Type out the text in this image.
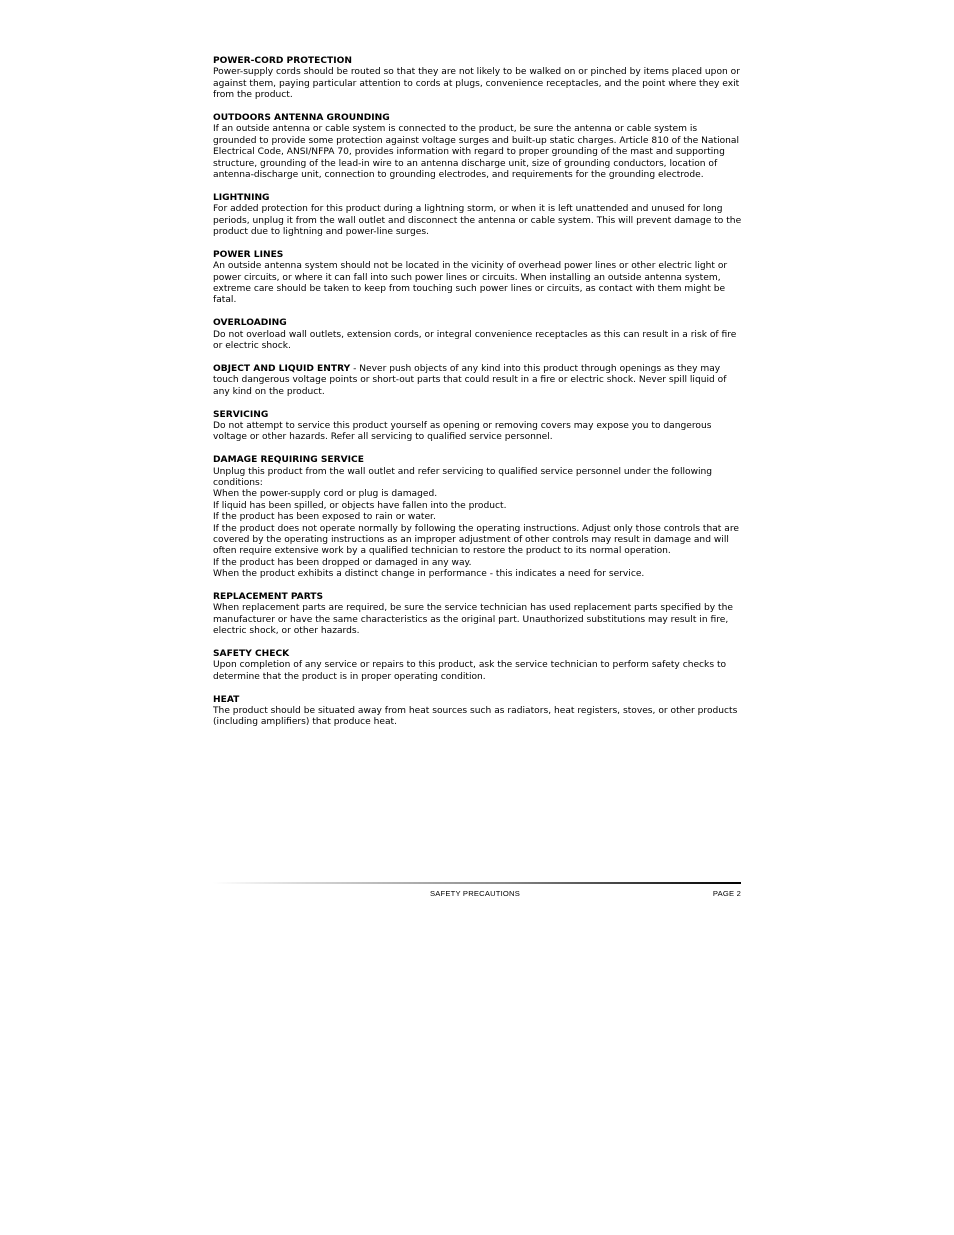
POWER-CORD PROTECTION
Power-supply cords should be routed so that they are not likely to be walked on or pinched by items placed upon or against them, paying particular attention to cords at plugs, convenience receptacles, and the point where they exit from the product.
OUTDOORS ANTENNA GROUNDING
If an outside antenna or cable system is connected to the product, be sure the antenna or cable system is grounded to provide some protection against voltage surges and built-up static charges. Article 810 of the National Electrical Code, ANSI/NFPA 70, provides information with regard to proper grounding of the mast and supporting structure, grounding of the lead-in wire to an antenna discharge unit, size of grounding conductors, location of antenna-discharge unit, connection to grounding electrodes, and requirements for the grounding electrode.
LIGHTNING
For added protection for this product during a lightning storm, or when it is left unattended and unused for long periods, unplug it from the wall outlet and disconnect the antenna or cable system. This will prevent damage to the product due to lightning and power-line surges.
POWER LINES
An outside antenna system should not be located in the vicinity of overhead power lines or other electric light or power circuits, or where it can fall into such power lines or circuits. When installing an outside antenna system, extreme care should be taken to keep from touching such power lines or circuits, as contact with them might be fatal.
OVERLOADING
Do not overload wall outlets, extension cords, or integral convenience receptacles as this can result in a risk of fire or electric shock.
OBJECT AND LIQUID ENTRY - Never push objects of any kind into this product through openings as they may touch dangerous voltage points or short-out parts that could result in a fire or electric shock. Never spill liquid of any kind on the product.
SERVICING
Do not attempt to service this product yourself as opening or removing covers may expose you to dangerous voltage or other hazards. Refer all servicing to qualified service personnel.
DAMAGE REQUIRING SERVICE
Unplug this product from the wall outlet and refer servicing to qualified service personnel under the following conditions:
When the power-supply cord or plug is damaged.
If liquid has been spilled, or objects have fallen into the product.
If the product has been exposed to rain or water.
If the product does not operate normally by following the operating instructions. Adjust only those controls that are covered by the operating instructions as an improper adjustment of other controls may result in damage and will often require extensive work by a qualified technician to restore the product to its normal operation.
If the product has been dropped or damaged in any way.
When the product exhibits a distinct change in performance - this indicates a need for service.
REPLACEMENT PARTS
When replacement parts are required, be sure the service technician has used replacement parts specified by the manufacturer or have the same characteristics as the original part. Unauthorized substitutions may result in fire, electric shock, or other hazards.
SAFETY CHECK
Upon completion of any service or repairs to this product, ask the service technician to perform safety checks to determine that the product is in proper operating condition.
HEAT
The product should be situated away from heat sources such as radiators, heat registers, stoves, or other products (including amplifiers) that produce heat.
SAFETY PRECAUTIONS	PAGE 2
